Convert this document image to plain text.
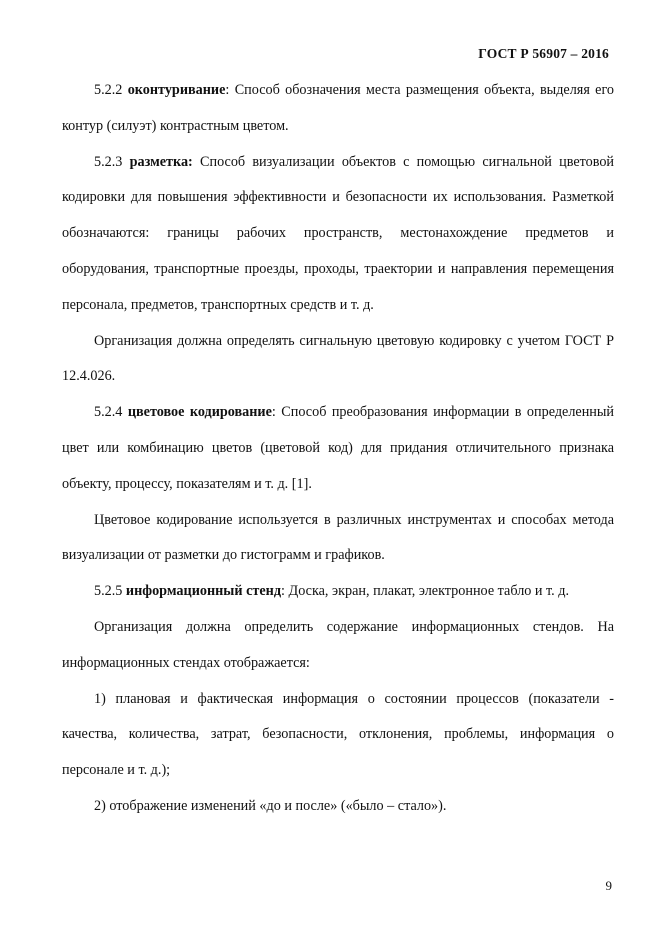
ГОСТ Р 56907 – 2016

5.2.2 оконтуривание: Способ обозначения места размещения объекта, выделяя его контур (силуэт) контрастным цветом.

5.2.3 разметка: Способ визуализации объектов с помощью сигнальной цветовой кодировки для повышения эффективности и безопасности их использования. Разметкой обозначаются: границы рабочих пространств, местонахождение предметов и оборудования, транспортные проезды, проходы, траектории и направления перемещения персонала, предметов, транспортных средств и т. д.

Организация должна определять сигнальную цветовую кодировку с учетом ГОСТ Р 12.4.026.

5.2.4 цветовое кодирование: Способ преобразования информации в определенный цвет или комбинацию цветов (цветовой код) для придания отличительного признака объекту, процессу, показателям и т. д. [1].

Цветовое кодирование используется в различных инструментах и способах метода визуализации от разметки до гистограмм и графиков.

5.2.5 информационный стенд: Доска, экран, плакат, электронное табло и т. д.

Организация должна определить содержание информационных стендов. На информационных стендах отображается:

1) плановая и фактическая информация о состоянии процессов (показатели - качества, количества, затрат, безопасности, отклонения, проблемы, информация о персонале и т. д.);

2) отображение изменений «до и после» («было – стало»).

9
